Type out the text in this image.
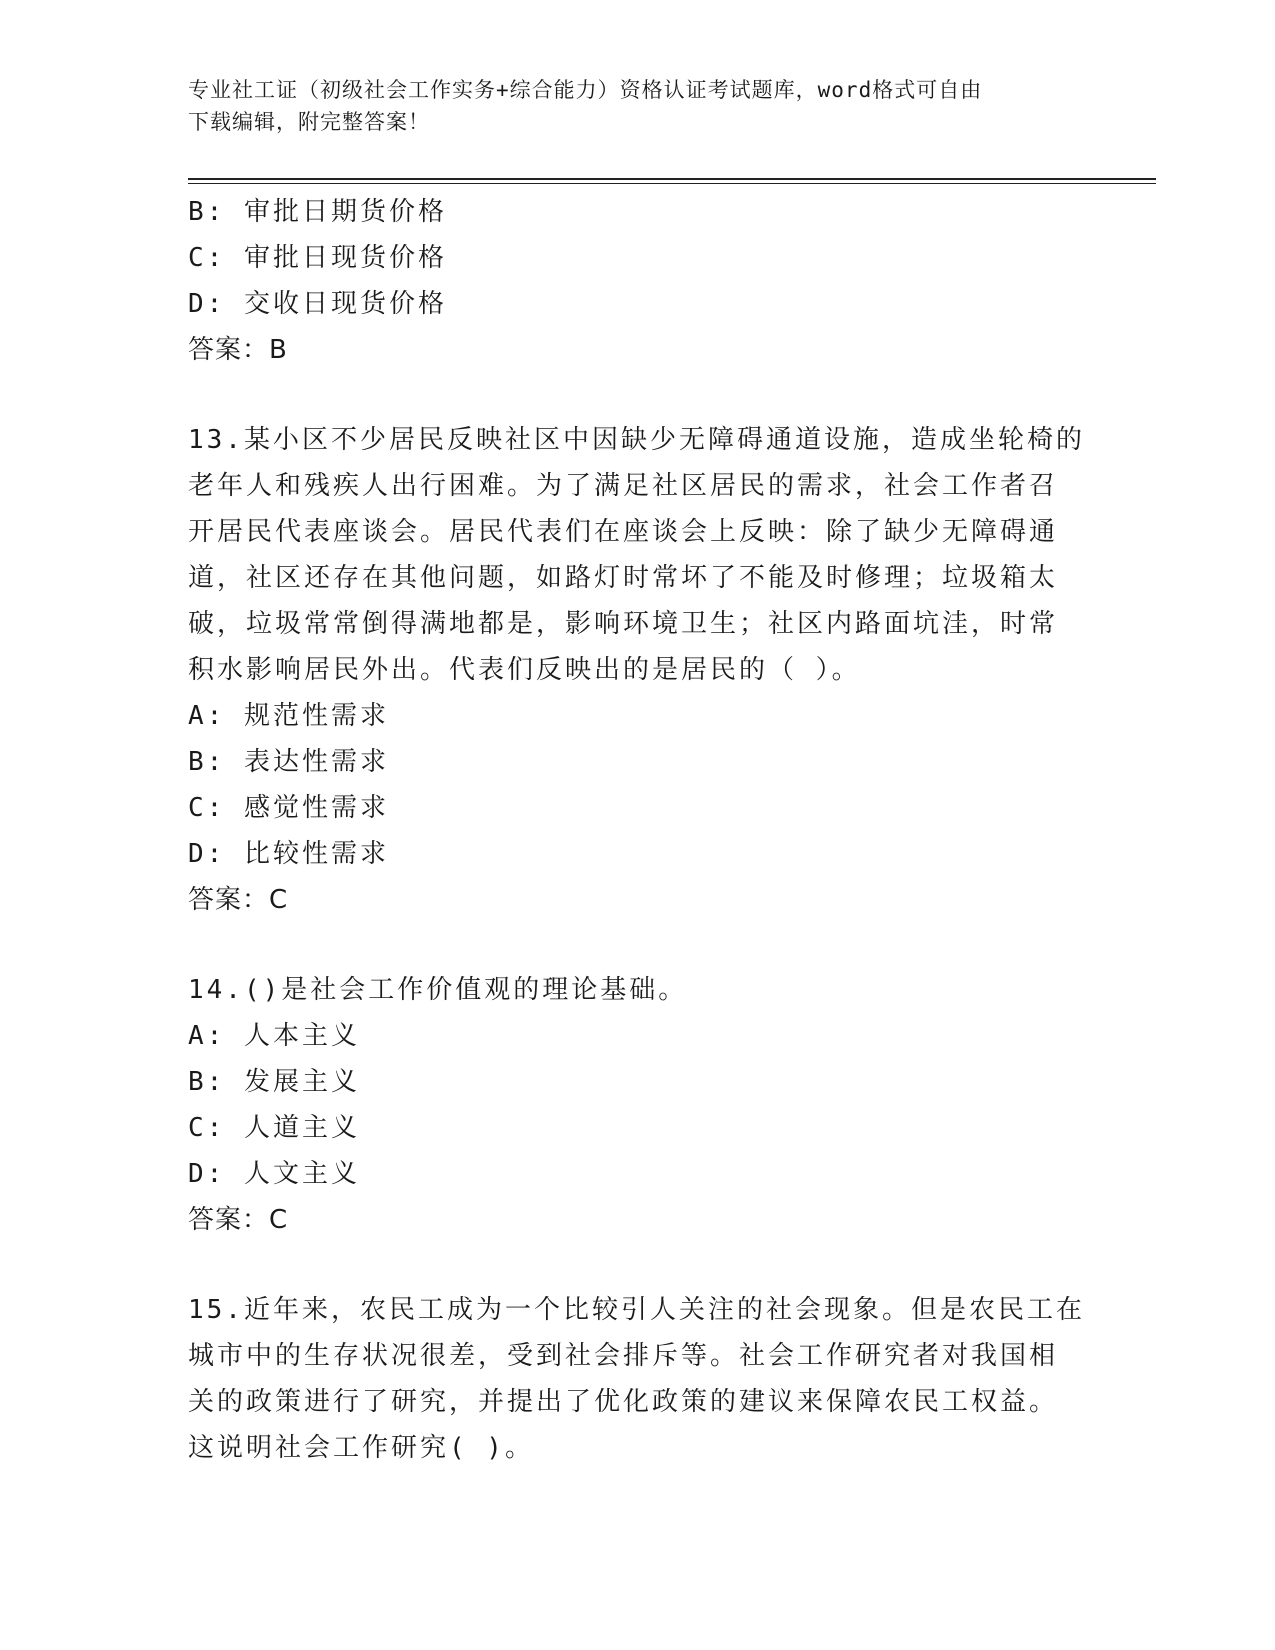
专业社工证（初级社会工作实务+综合能力）资格认证考试题库，word格式可自由
下载编辑，附完整答案！
B: 审批日期货价格
C: 审批日现货价格
D: 交收日现货价格
答案：B
13.某小区不少居民反映社区中因缺少无障碍通道设施，造成坐轮椅的
老年人和残疾人出行困难。为了满足社区居民的需求，社会工作者召
开居民代表座谈会。居民代表们在座谈会上反映：除了缺少无障碍通
道，社区还存在其他问题，如路灯时常坏了不能及时修理；垃圾箱太
破，垃圾常常倒得满地都是，影响环境卫生；社区内路面坑洼，时常
积水影响居民外出。代表们反映出的是居民的（ ）。
A: 规范性需求
B: 表达性需求
C: 感觉性需求
D: 比较性需求
答案：C
14.()是社会工作价值观的理论基础。
A: 人本主义
B: 发展主义
C: 人道主义
D: 人文主义
答案：C
15.近年来，农民工成为一个比较引人关注的社会现象。但是农民工在
城市中的生存状况很差，受到社会排斥等。社会工作研究者对我国相
关的政策进行了研究，并提出了优化政策的建议来保障农民工权益。
这说明社会工作研究( )。
